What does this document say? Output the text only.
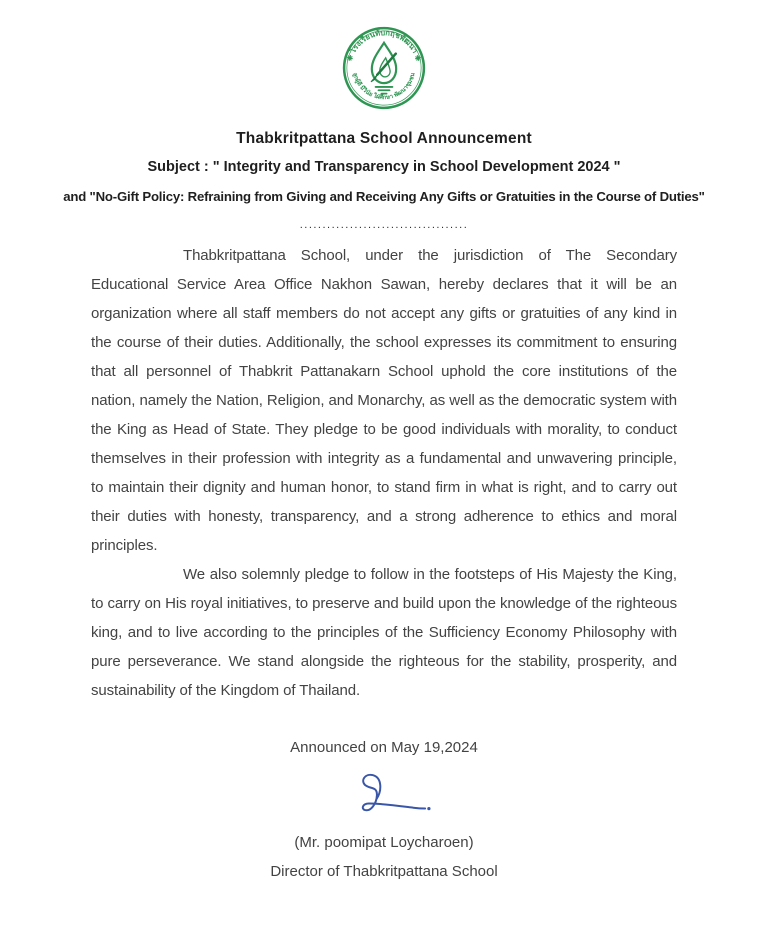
❋ โรงเรียนทับกฤชพัฒนา ❋
ลูกผู้ดี มีวินัย ใฝ่ศึกษา พัฒนาชุมชน
Thabkritpattana School Announcement
Subject : " Integrity and Transparency in School Development 2024 "
and "No-Gift Policy: Refraining from Giving and Receiving Any Gifts or Gratuities in the Course of Duties"
.....................................

Thabkritpattana School, under the jurisdiction of The Secondary Educational Service Area Office Nakhon Sawan, hereby declares that it will be an organization where all staff members do not accept any gifts or gratuities of any kind in the course of their duties. Additionally, the school expresses its commitment to ensuring that all personnel of Thabkrit Pattanakarn School uphold the core institutions of the nation, namely the Nation, Religion, and Monarchy, as well as the democratic system with the King as Head of State. They pledge to be good individuals with morality, to conduct themselves in their profession with integrity as a fundamental and unwavering principle, to maintain their dignity and human honor, to stand firm in what is right, and to carry out their duties with honesty, transparency, and a strong adherence to ethics and moral principles.

We also solemnly pledge to follow in the footsteps of His Majesty the King, to carry on His royal initiatives, to preserve and build upon the knowledge of the righteous king, and to live according to the principles of the Sufficiency Economy Philosophy with pure perseverance. We stand alongside the righteous for the stability, prosperity, and sustainability of the Kingdom of Thailand.

Announced on May 19,2024
(Mr. poomipat Loycharoen)
Director of Thabkritpattana School
